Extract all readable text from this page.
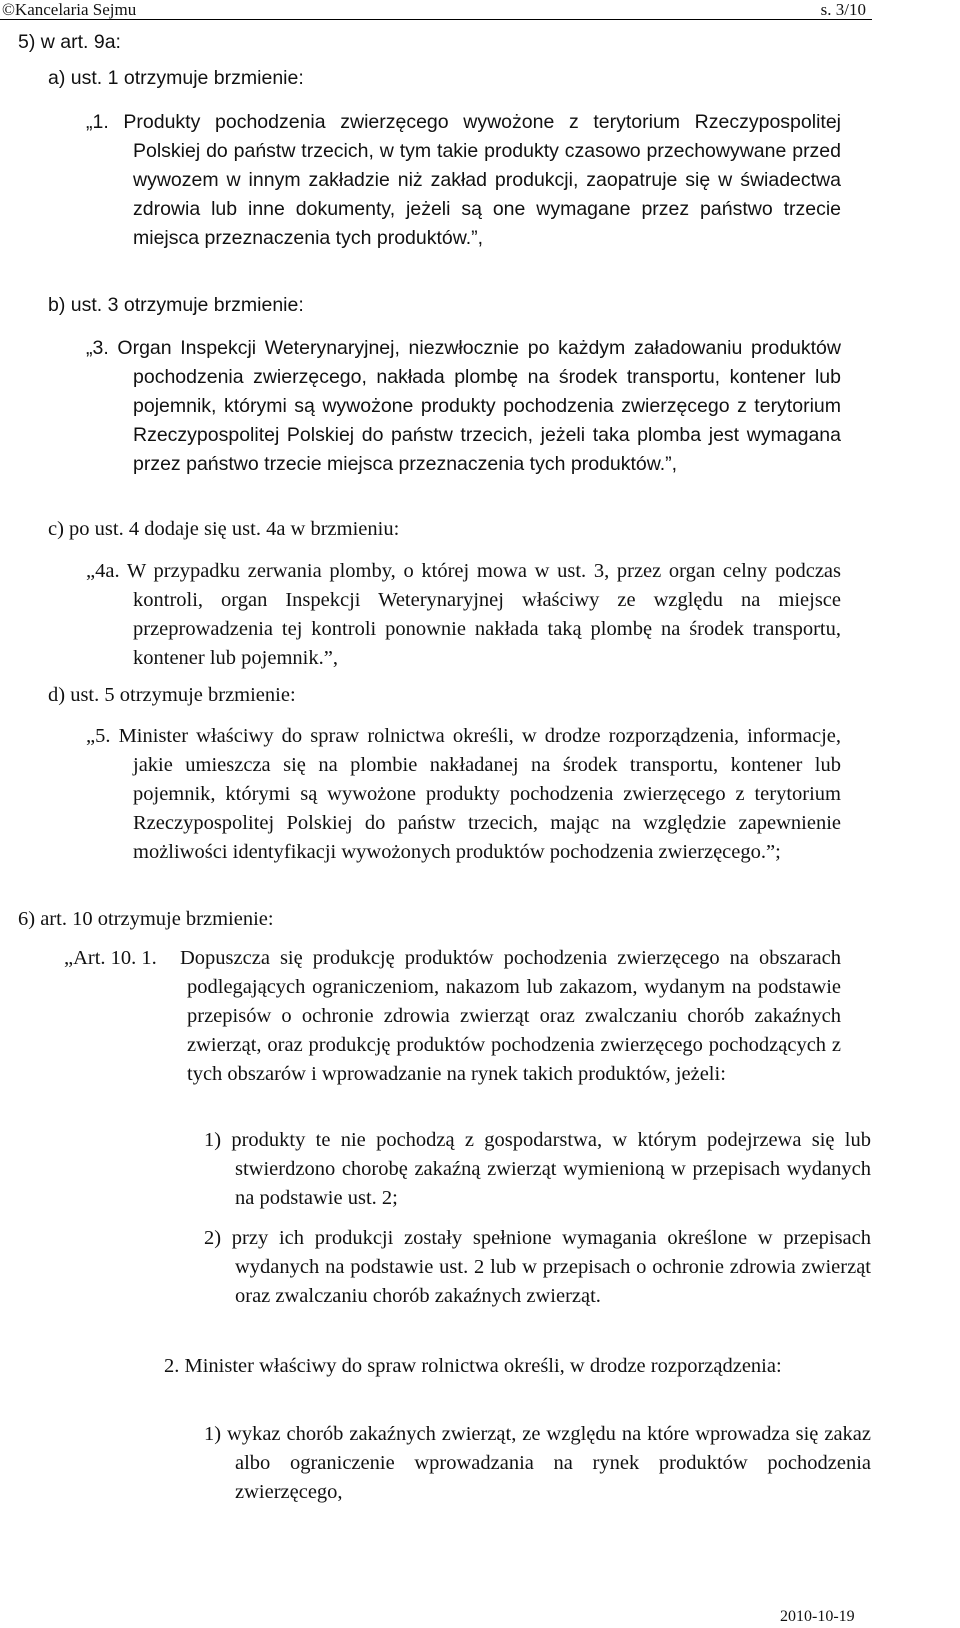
©Kancelaria Sejmu	s. 3/10

5) w art. 9a:

a) ust. 1 otrzymuje brzmienie:

„1. Produkty pochodzenia zwierzęcego wywożone z terytorium Rzeczypospolitej Polskiej do państw trzecich, w tym takie produkty czasowo przechowywane przed wywozem w innym zakładzie niż zakład produkcji, zaopatruje się w świadectwa zdrowia lub inne dokumenty, jeżeli są one wymagane przez państwo trzecie miejsca przeznaczenia tych produktów.”,

b) ust. 3 otrzymuje brzmienie:

„3. Organ Inspekcji Weterynaryjnej, niezwłocznie po każdym załadowaniu produktów pochodzenia zwierzęcego, nakłada plombę na środek transportu, kontener lub pojemnik, którymi są wywożone produkty pochodzenia zwierzęcego z terytorium Rzeczypospolitej Polskiej do państw trzecich, jeżeli taka plomba jest wymagana przez państwo trzecie miejsca przeznaczenia tych produktów.”,

c) po ust. 4 dodaje się ust. 4a w brzmieniu:

„4a. W przypadku zerwania plomby, o której mowa w ust. 3, przez organ celny podczas kontroli, organ Inspekcji Weterynaryjnej właściwy ze względu na miejsce przeprowadzenia tej kontroli ponownie nakłada taką plombę na środek transportu, kontener lub pojemnik.”,

d) ust. 5 otrzymuje brzmienie:

„5. Minister właściwy do spraw rolnictwa określi, w drodze rozporządzenia, informacje, jakie umieszcza się na plombie nakładanej na środek transportu, kontener lub pojemnik, którymi są wywożone produkty pochodzenia zwierzęcego z terytorium Rzeczypospolitej Polskiej do państw trzecich, mając na względzie zapewnienie możliwości identyfikacji wywożonych produktów pochodzenia zwierzęcego.”;

6) art. 10 otrzymuje brzmienie:

„Art. 10. 1. Dopuszcza się produkcję produktów pochodzenia zwierzęcego na obszarach podlegających ograniczeniom, nakazom lub zakazom, wydanym na podstawie przepisów o ochronie zdrowia zwierząt oraz zwalczaniu chorób zakaźnych zwierząt, oraz produkcję produktów pochodzenia zwierzęcego pochodzących z tych obszarów i wprowadzanie na rynek takich produktów, jeżeli:

1) produkty te nie pochodzą z gospodarstwa, w którym podejrzewa się lub stwierdzono chorobę zakaźną zwierząt wymienioną w przepisach wydanych na podstawie ust. 2;

2) przy ich produkcji zostały spełnione wymagania określone w przepisach wydanych na podstawie ust. 2 lub w przepisach o ochronie zdrowia zwierząt oraz zwalczaniu chorób zakaźnych zwierząt.

2. Minister właściwy do spraw rolnictwa określi, w drodze rozporządzenia:

1) wykaz chorób zakaźnych zwierząt, ze względu na które wprowadza się zakaz albo ograniczenie wprowadzania na rynek produktów pochodzenia zwierzęcego,

2010-10-19
